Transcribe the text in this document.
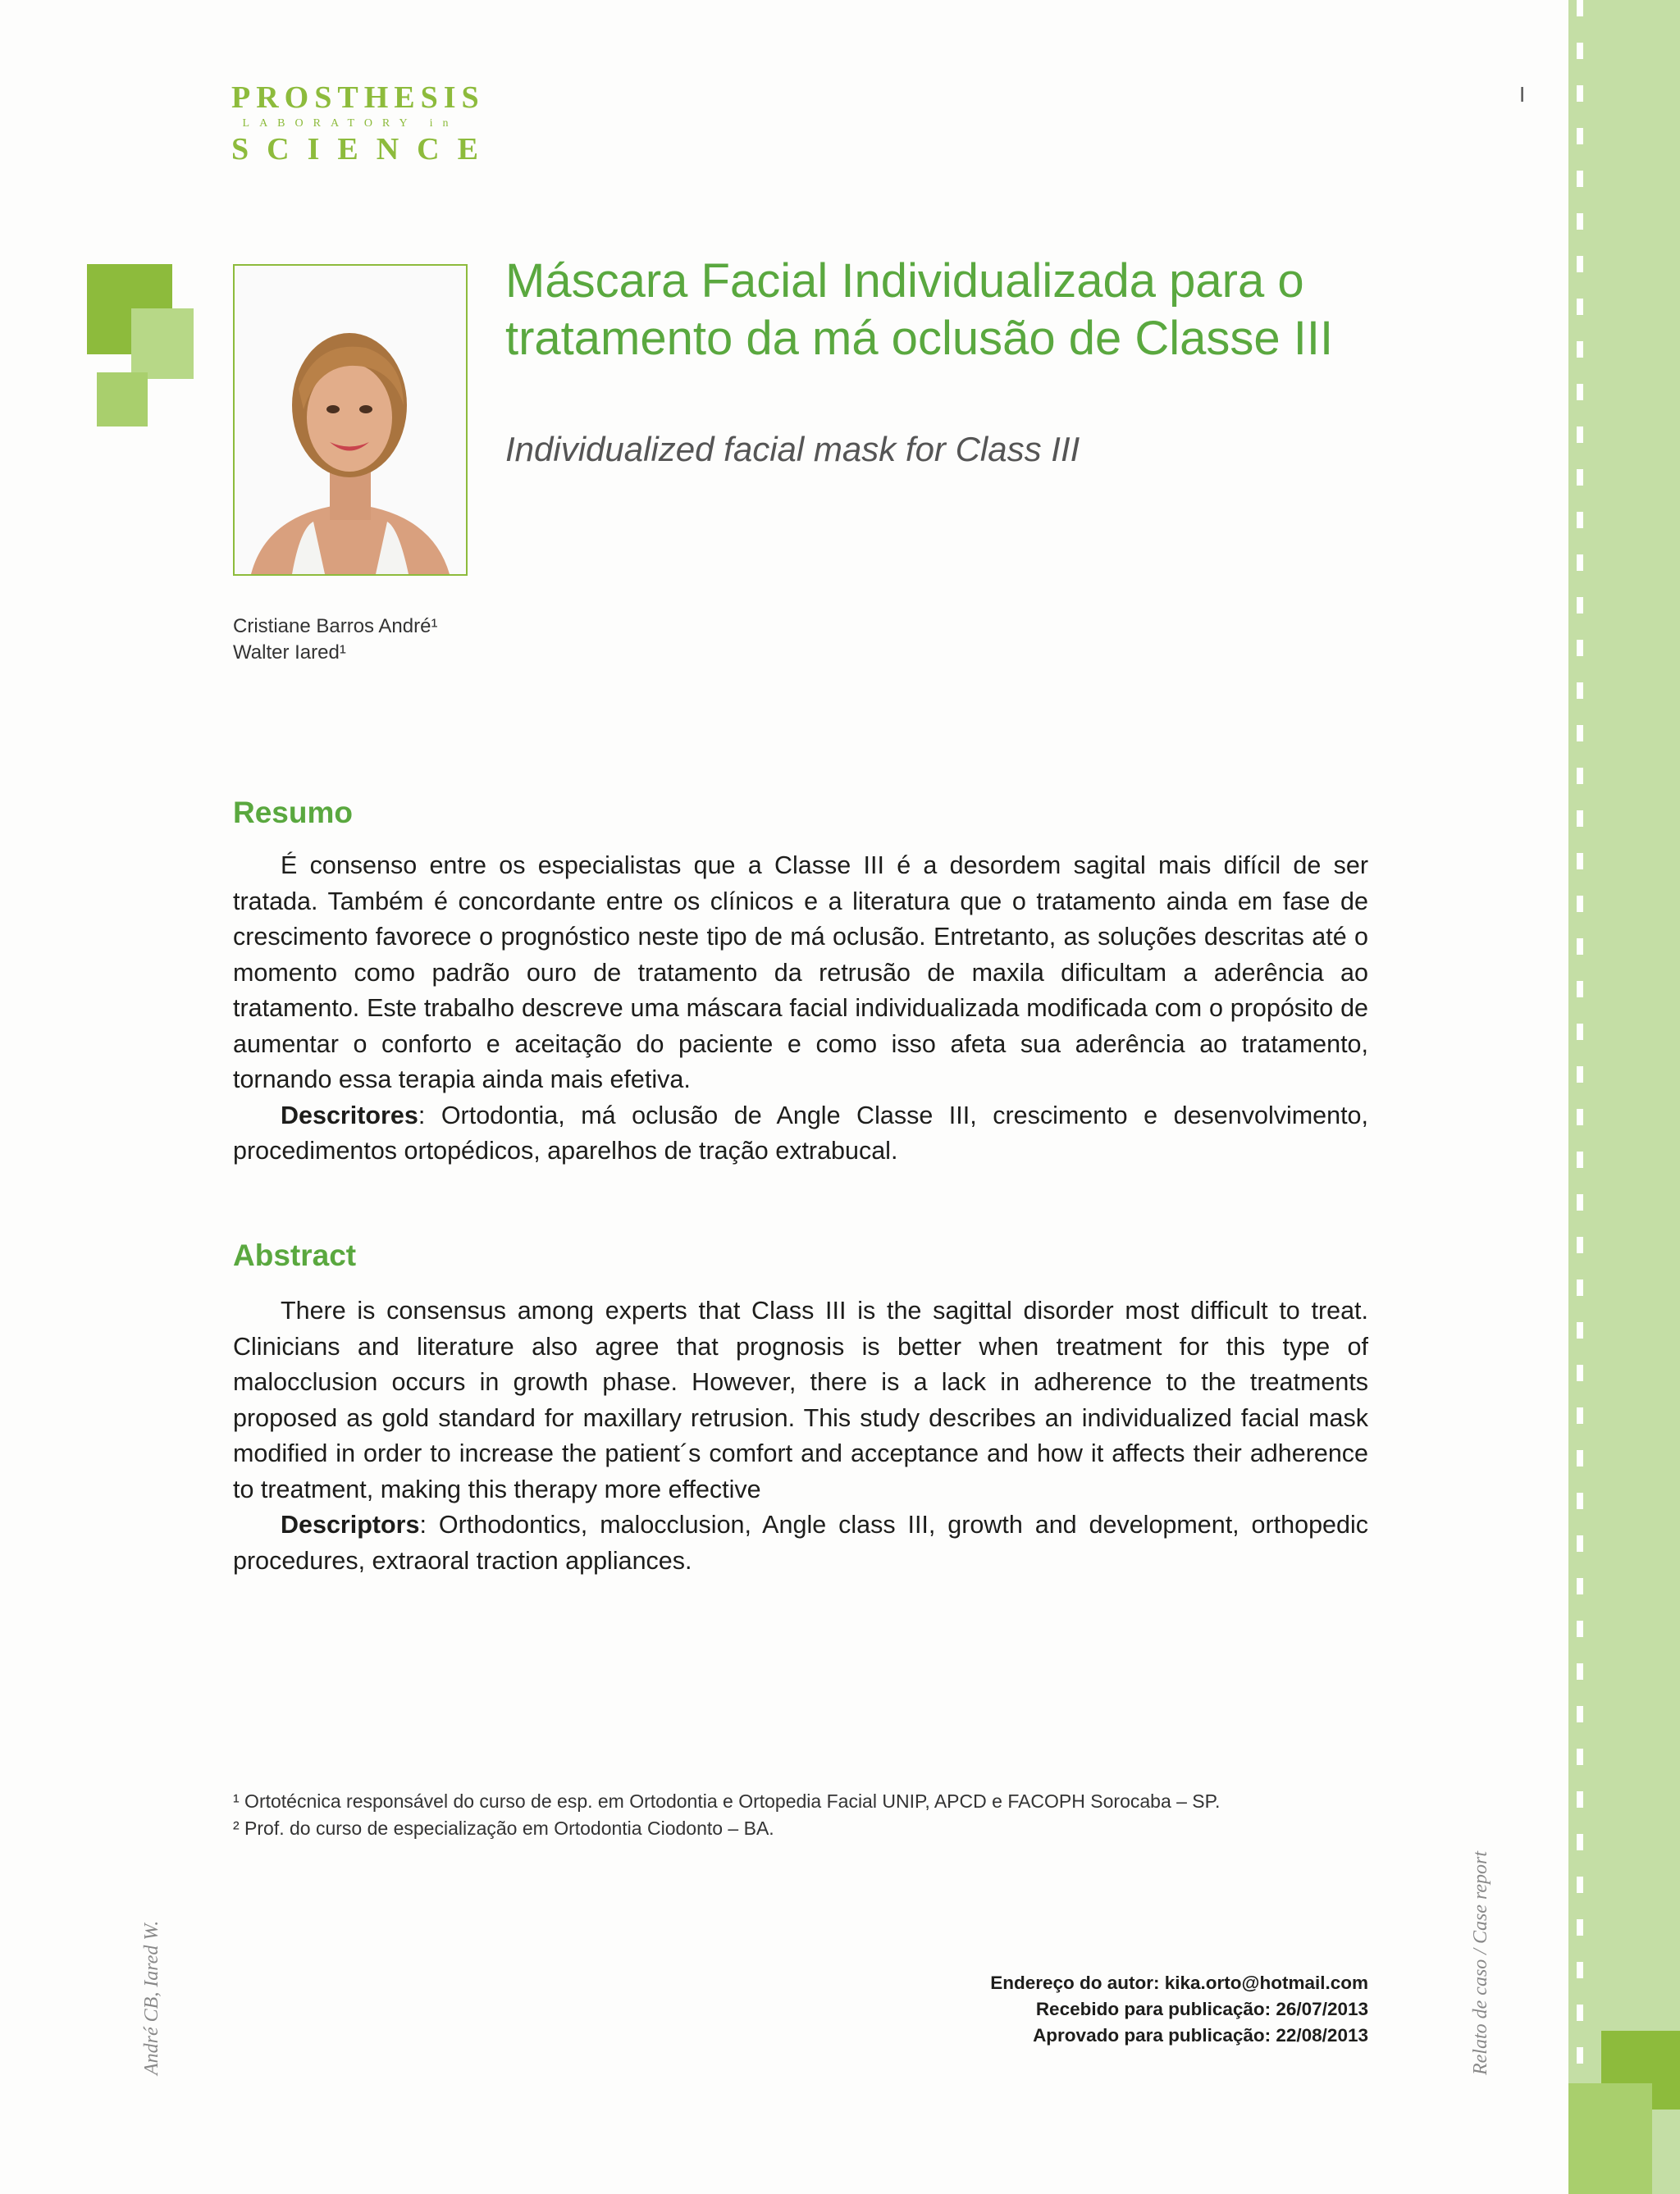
PROSTHESIS
LABORATORY in
SCIENCE
I
Máscara Facial Individualizada para o tratamento da má oclusão de Classe III
Individualized facial mask for Class III
Cristiane Barros André¹
Walter Iared¹
Resumo

É consenso entre os especialistas que a Classe III é a desordem sagital mais difícil de ser tratada. Também é concordante entre os clínicos e a literatura que o tratamento ainda em fase de crescimento favorece o prognóstico neste tipo de má oclusão. Entretanto, as soluções descritas até o momento como padrão ouro de tratamento da retrusão de maxila dificultam a aderência ao tratamento. Este trabalho descreve uma máscara facial individualizada modificada com o propósito de aumentar o conforto e aceitação do paciente e como isso afeta sua aderência ao tratamento, tornando essa terapia ainda mais efetiva.

Descritores: Ortodontia, má oclusão de Angle Classe III, crescimento e desenvolvimento, procedimentos ortopédicos, aparelhos de tração extrabucal.

Abstract

There is consensus among experts that Class III is the sagittal disorder most difficult to treat. Clinicians and literature also agree that prognosis is better when treatment for this type of malocclusion occurs in growth phase. However, there is a lack in adherence to the treatments proposed as gold standard for maxillary retrusion. This study describes an individualized facial mask modified in order to increase the patient´s comfort and acceptance and how it affects their adherence to treatment, making this therapy more effective

Descriptors: Orthodontics, malocclusion, Angle class III, growth and development, orthopedic procedures, extraoral traction appliances.

¹ Ortotécnica responsável do curso de esp. em Ortodontia e Ortopedia Facial UNIP, APCD e FACOPH Sorocaba – SP.
² Prof. do curso de especialização em Ortodontia Ciodonto – BA.
Endereço do autor: kika.orto@hotmail.com
Recebido para publicação: 26/07/2013
Aprovado para publicação: 22/08/2013
André CB, Iared W.	Relato de caso / Case report
